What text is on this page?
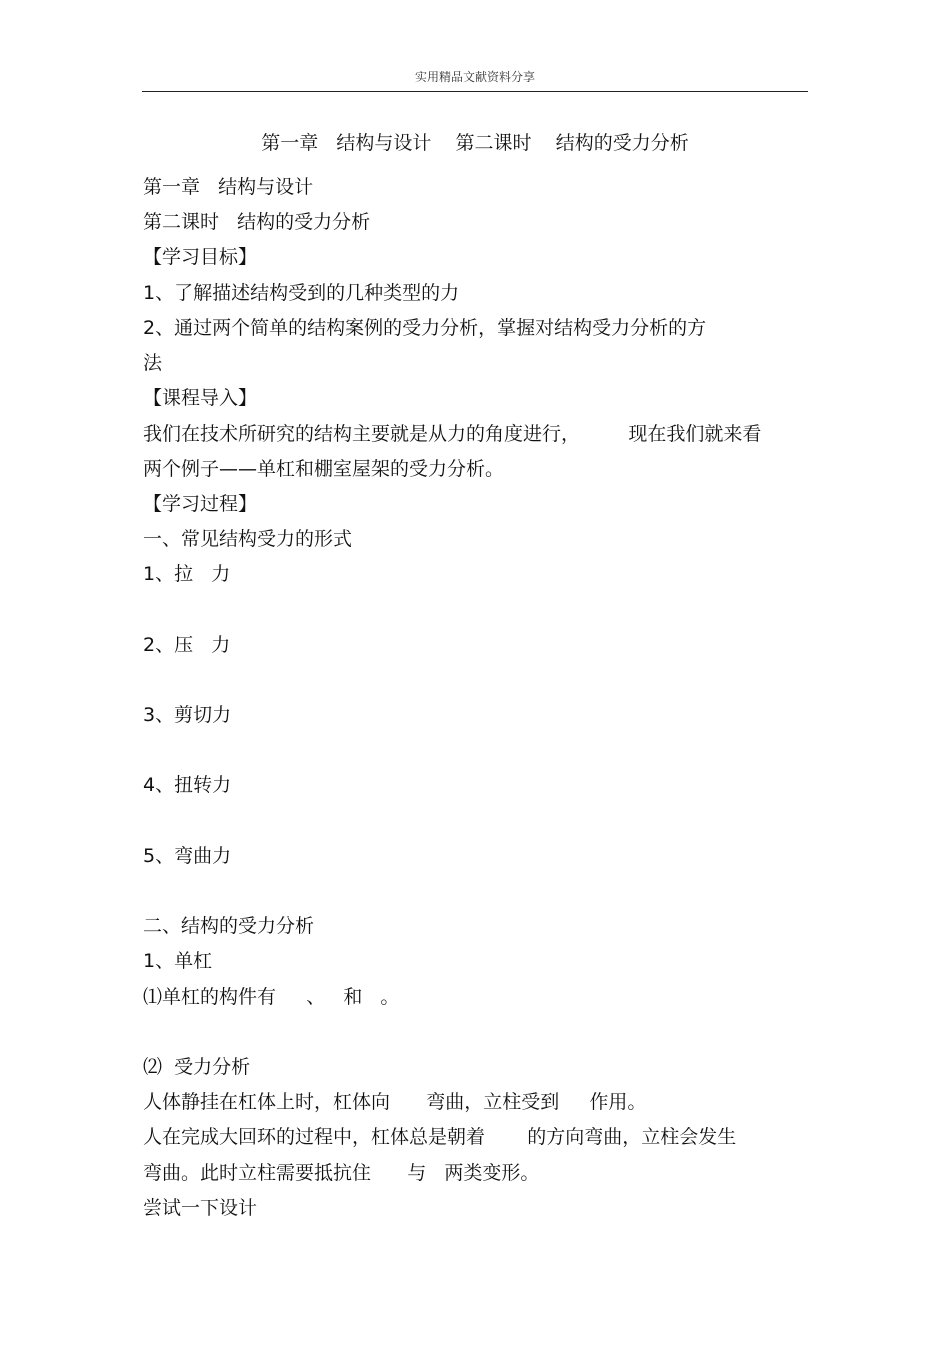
实用精品文献资料分享
第一章   结构与设计    第二课时    结构的受力分析
第一章   结构与设计
第二课时   结构的受力分析
【学习目标】
1、了解描述结构受到的几种类型的力
2、通过两个简单的结构案例的受力分析，掌握对结构受力分析的方
法
【课程导入】
我们在技术所研究的结构主要就是从力的角度进行，        现在我们就来看
两个例子——单杠和棚室屋架的受力分析。
【学习过程】
一、常见结构受力的形式
1、拉   力
2、压   力
3、剪切力
4、扭转力
5、弯曲力
二、结构的受力分析
1、单杠
⑴单杠的构件有     、   和   。
⑵  受力分析
人体静挂在杠体上时，杠体向      弯曲，立柱受到     作用。
人在完成大回环的过程中，杠体总是朝着       的方向弯曲，立柱会发生
弯曲。此时立柱需要抵抗住      与   两类变形。
尝试一下设计
